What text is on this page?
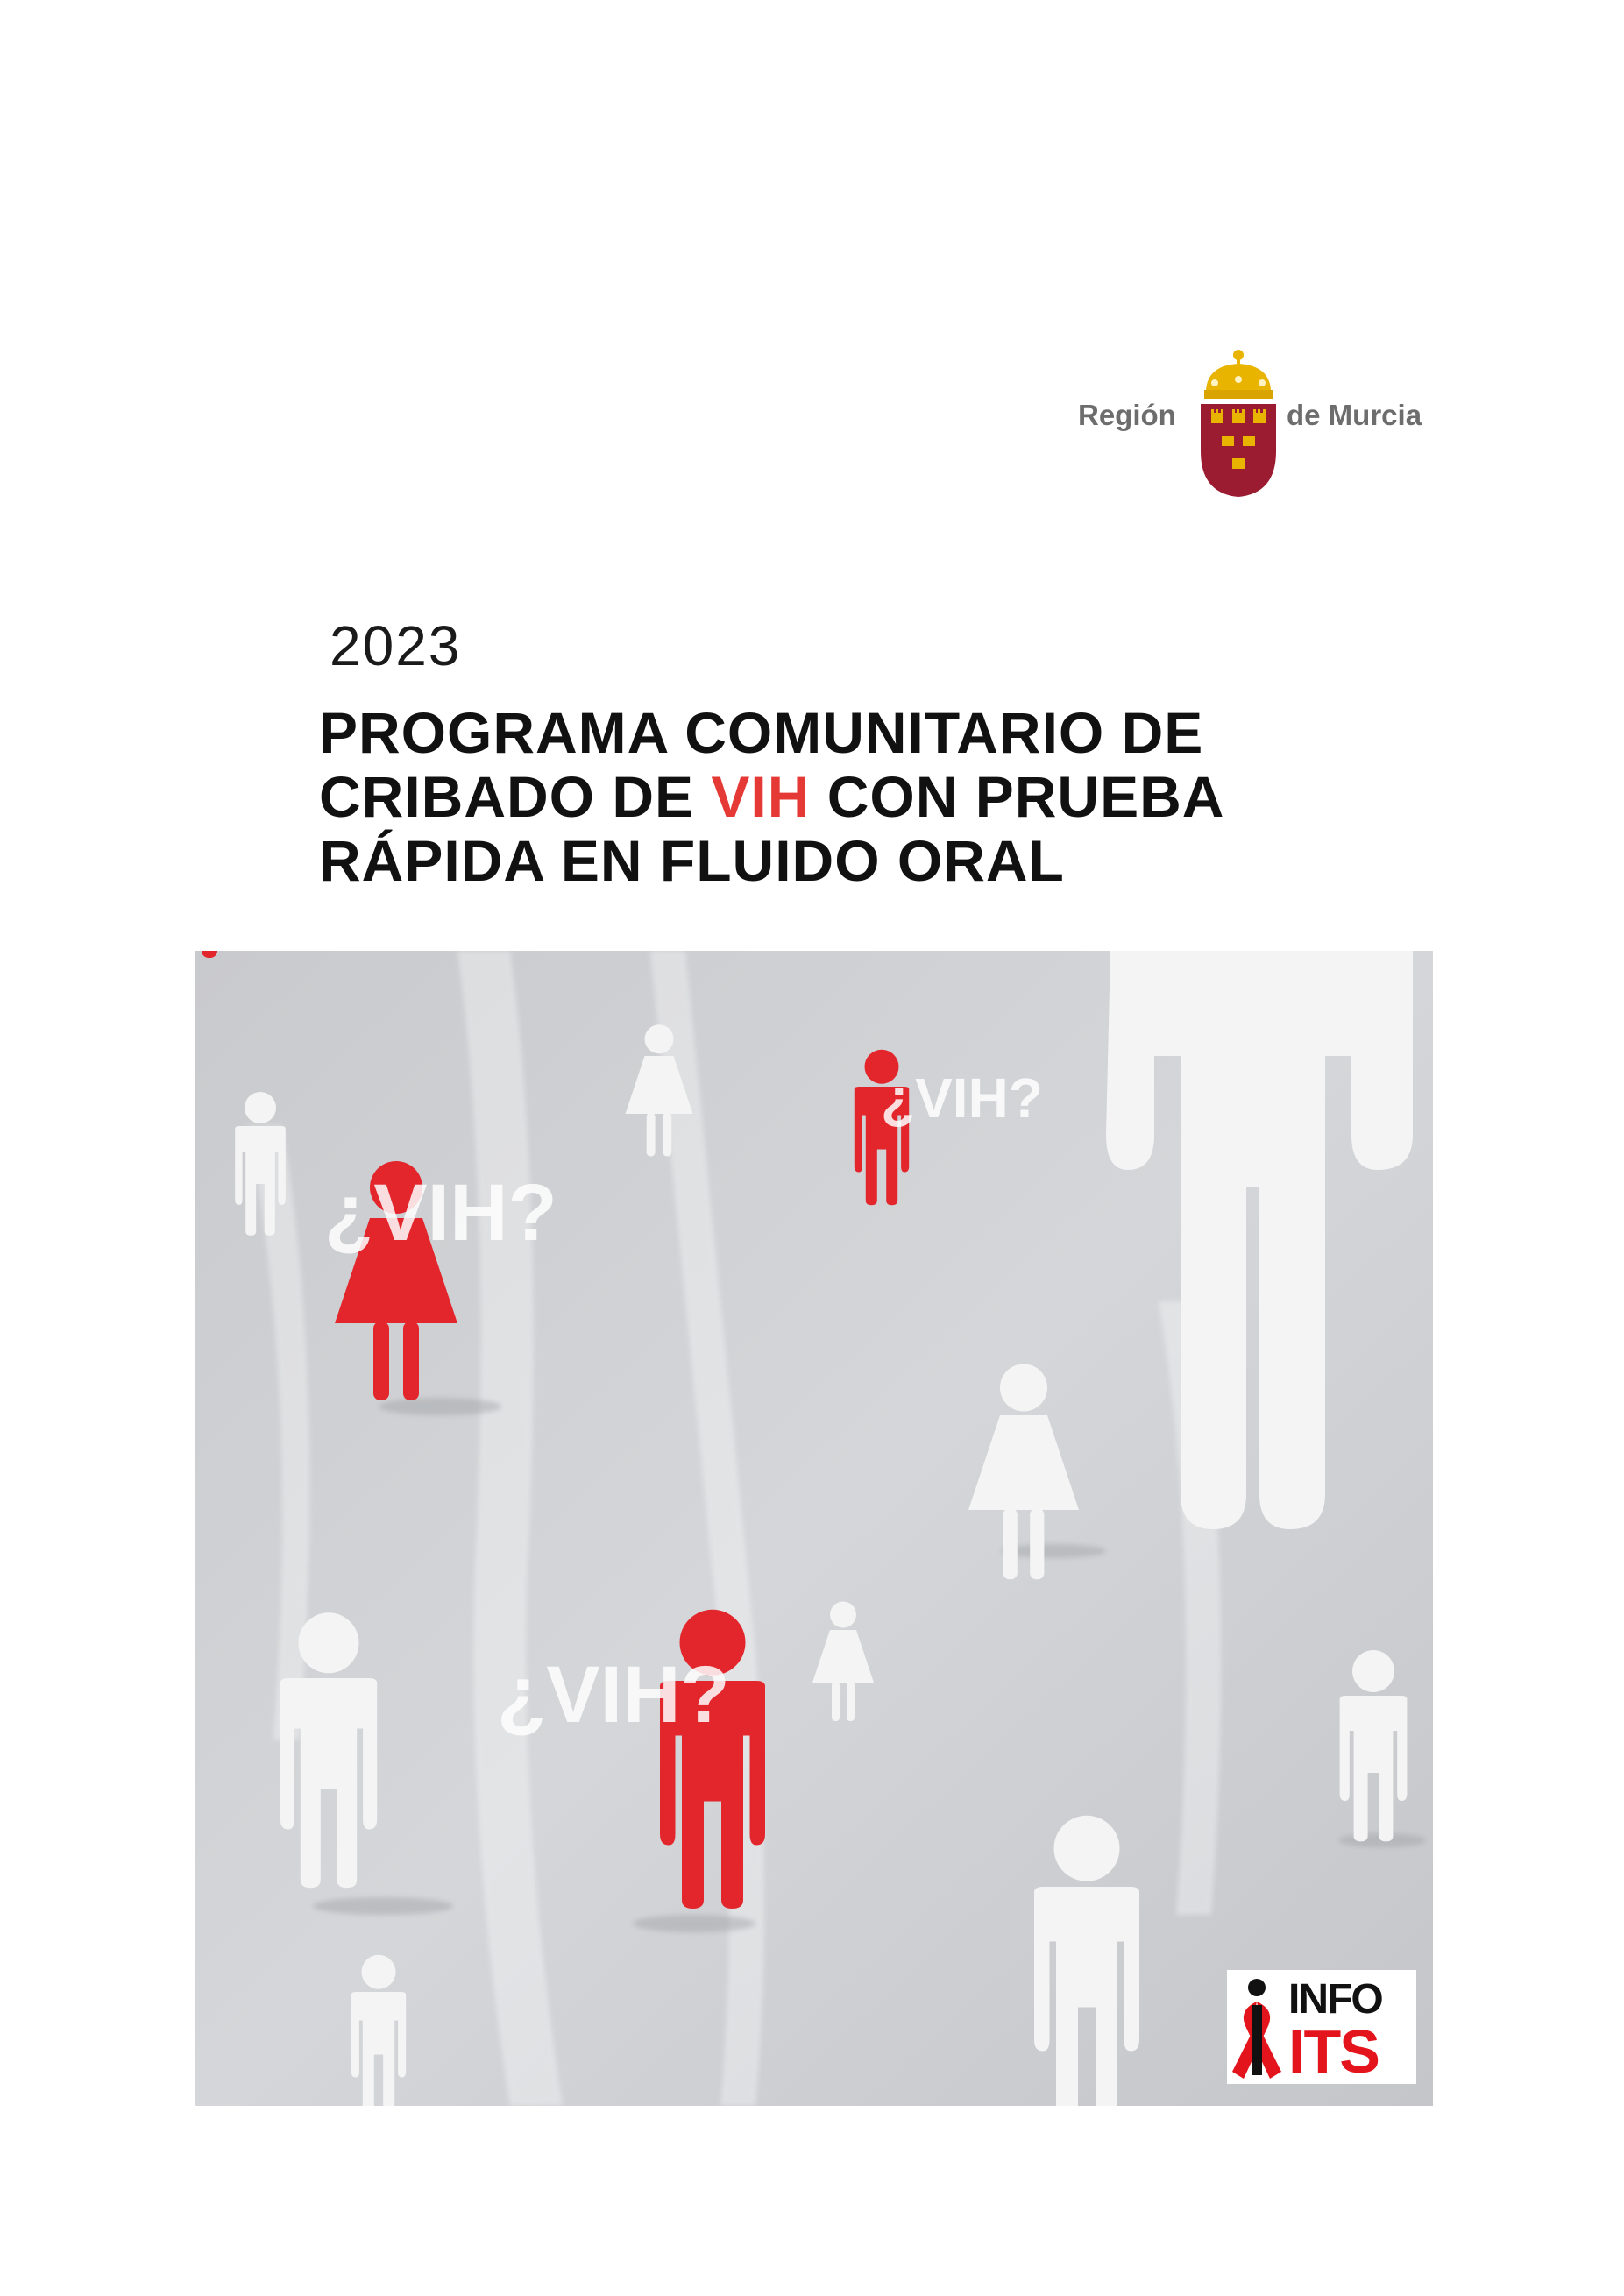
Región	de Murcia
2023
PROGRAMA COMUNITARIO DE
CRIBADO DE VIH CON PRUEBA
RÁPIDA EN FLUIDO ORAL
¿VIH?
¿VIH?
¿VIH?
INFO
ITS
